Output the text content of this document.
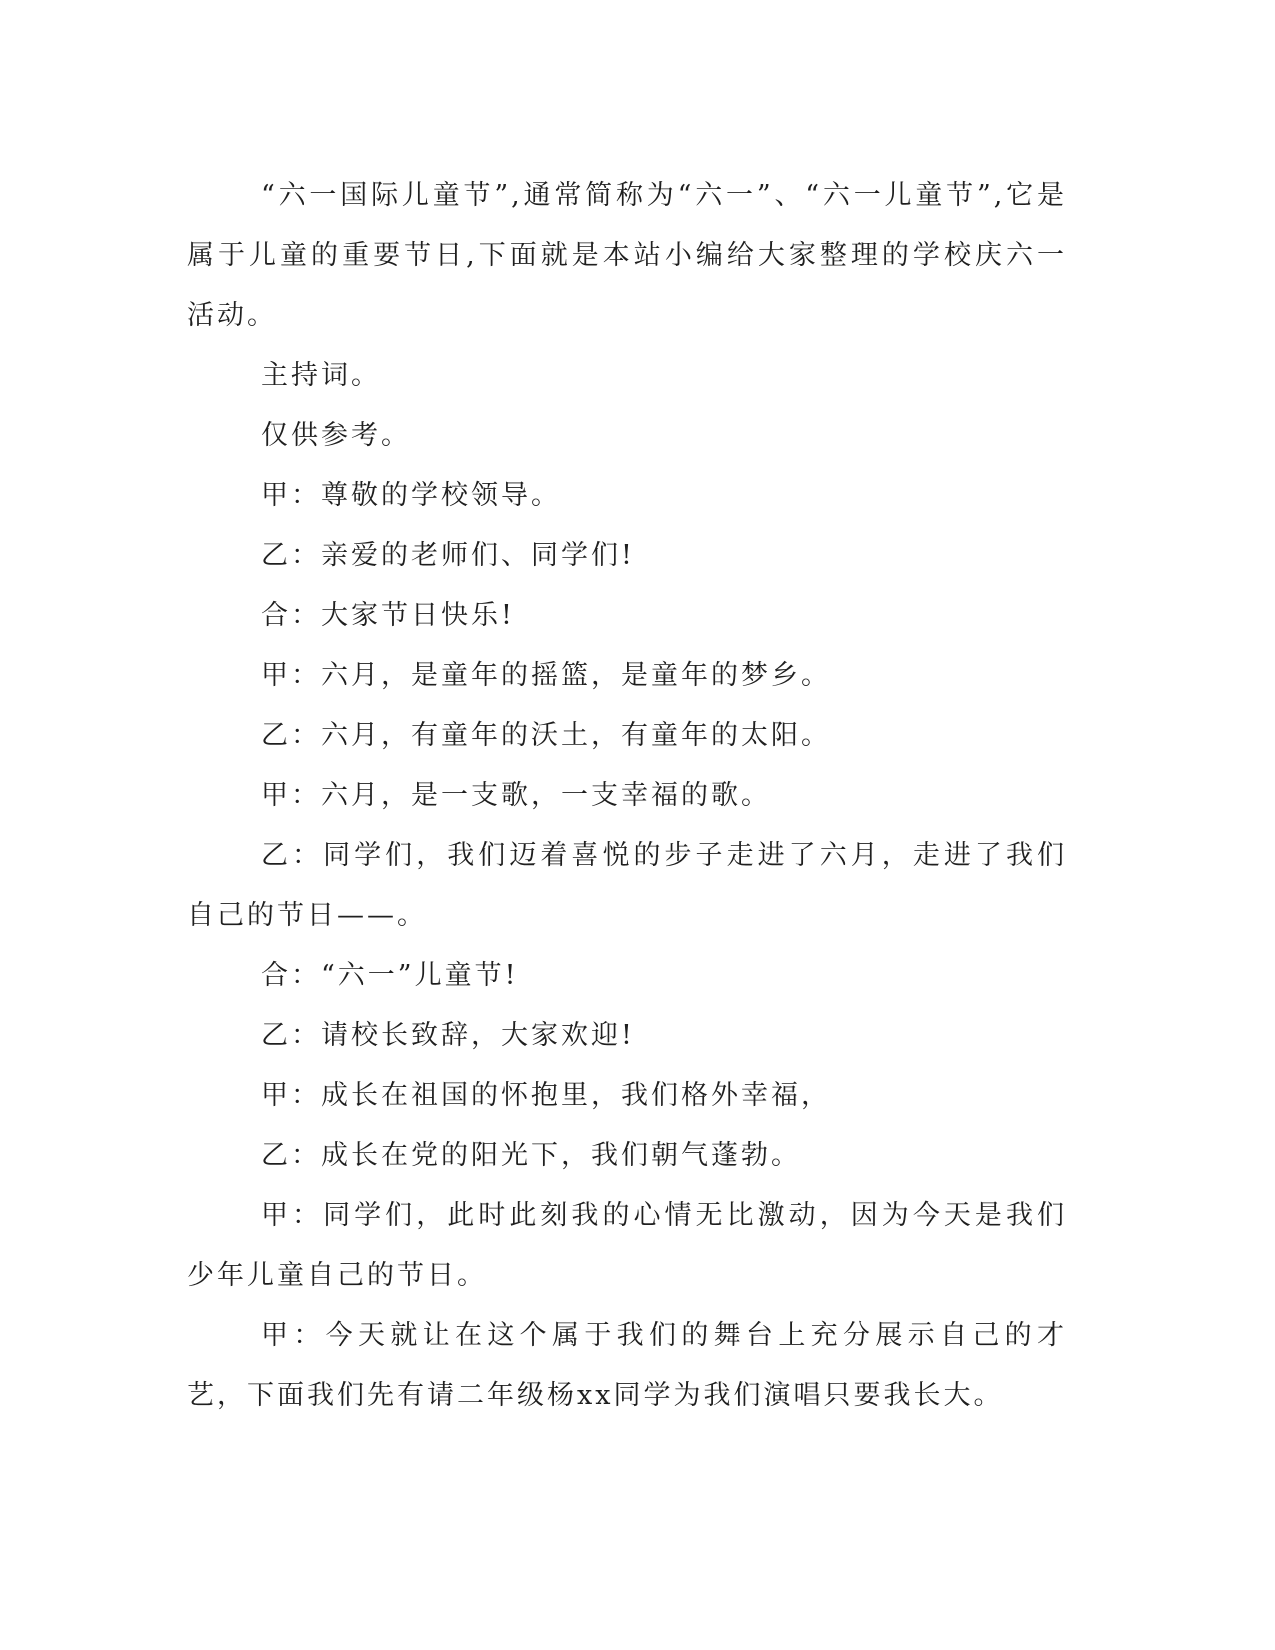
“六一国际儿童节”,通常简称为“六一”、“六一儿童节”,它是属于儿童的重要节日,下面就是本站小编给大家整理的学校庆六一活动。

主持词。

仅供参考。

甲：尊敬的学校领导。

乙：亲爱的老师们、同学们!

合：大家节日快乐!

甲：六月，是童年的摇篮，是童年的梦乡。

乙：六月，有童年的沃土，有童年的太阳。

甲：六月，是一支歌，一支幸福的歌。

乙：同学们，我们迈着喜悦的步子走进了六月，走进了我们自己的节日——。

合：“六一”儿童节!

乙：请校长致辞，大家欢迎!

甲：成长在祖国的怀抱里，我们格外幸福，

乙：成长在党的阳光下，我们朝气蓬勃。

甲：同学们，此时此刻我的心情无比激动，因为今天是我们少年儿童自己的节日。

甲：今天就让在这个属于我们的舞台上充分展示自己的才艺，下面我们先有请二年级杨xx同学为我们演唱只要我长大。
